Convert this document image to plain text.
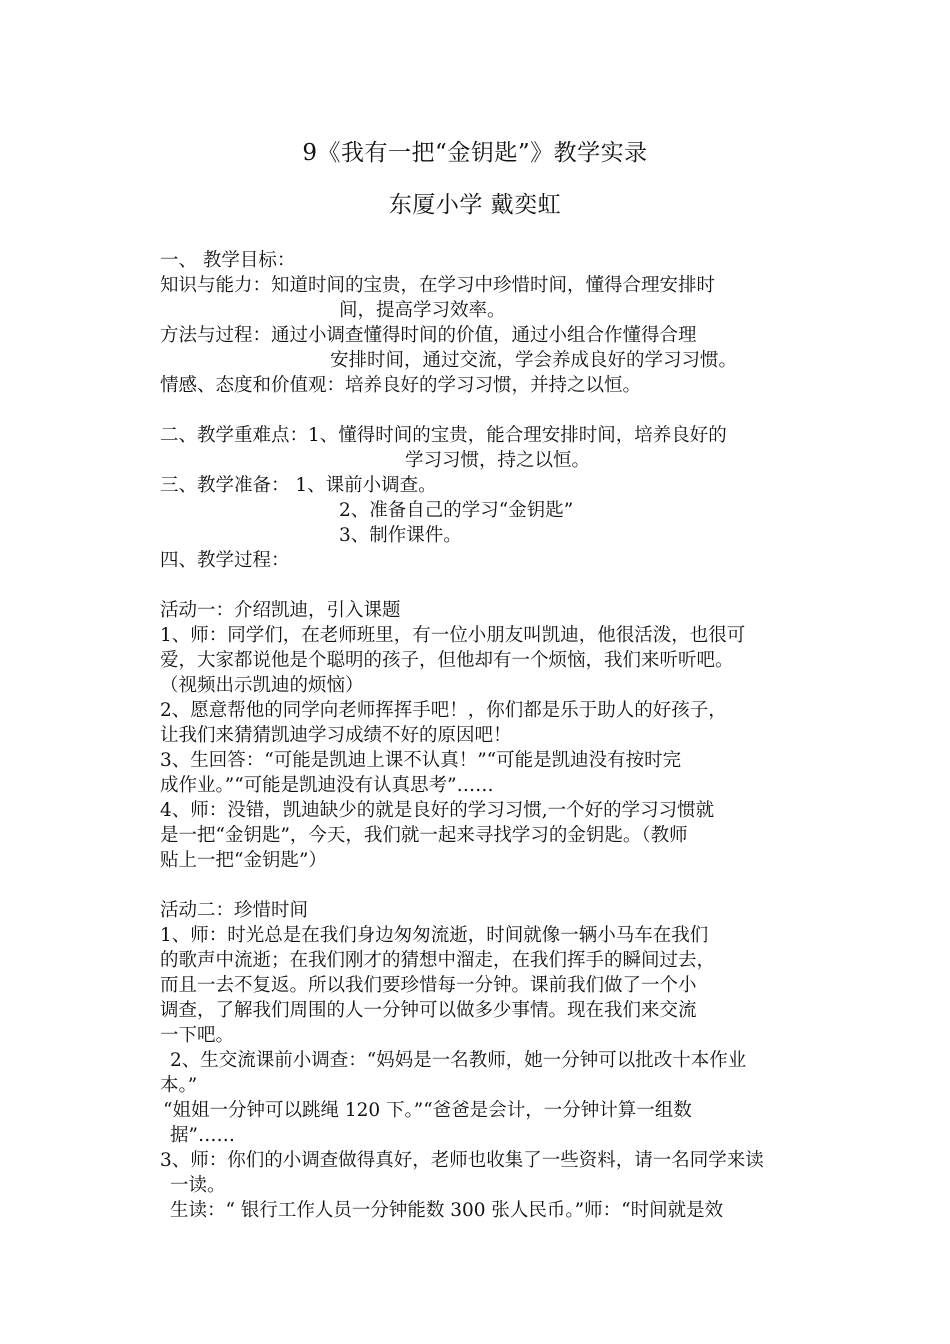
9《我有一把“金钥匙”》教学实录
东厦小学 戴奕虹
一、 教学目标：
知识与能力：知道时间的宝贵，在学习中珍惜时间，懂得合理安排时
间，提高学习效率。
方法与过程：通过小调查懂得时间的价值，通过小组合作懂得合理
安排时间，通过交流，学会养成良好的学习习惯。
情感、态度和价值观：培养良好的学习习惯，并持之以恒。
二、教学重难点：1、懂得时间的宝贵，能合理安排时间，培养良好的
学习习惯，持之以恒。
三、教学准备： 1、课前小调查。
2、准备自己的学习“金钥匙”
3、制作课件。
四、教学过程：
活动一：介绍凯迪，引入课题
1、师：同学们，在老师班里，有一位小朋友叫凯迪，他很活泼，也很可
爱，大家都说他是个聪明的孩子，但他却有一个烦恼，我们来听听吧。
（视频出示凯迪的烦恼）
2、愿意帮他的同学向老师挥挥手吧！，你们都是乐于助人的好孩子，
让我们来猜猜凯迪学习成绩不好的原因吧！
3、生回答：“可能是凯迪上课不认真！”“可能是凯迪没有按时完
成作业。”“可能是凯迪没有认真思考”……
4、师：没错，凯迪缺少的就是良好的学习习惯,一个好的学习习惯就
是一把“金钥匙”，今天，我们就一起来寻找学习的金钥匙。（教师
贴上一把“金钥匙”）
活动二：珍惜时间
1、师：时光总是在我们身边匆匆流逝，时间就像一辆小马车在我们
的歌声中流逝；在我们刚才的猜想中溜走，在我们挥手的瞬间过去，
而且一去不复返。所以我们要珍惜每一分钟。课前我们做了一个小
调查，了解我们周围的人一分钟可以做多少事情。现在我们来交流
一下吧。
2、生交流课前小调查：“妈妈是一名教师，她一分钟可以批改十本作业
本。”
“姐姐一分钟可以跳绳 120 下。”“爸爸是会计，一分钟计算一组数
据”……
3、师：你们的小调查做得真好，老师也收集了一些资料，请一名同学来读
一读。
生读：“ 银行工作人员一分钟能数 300 张人民币。”师：“时间就是效
